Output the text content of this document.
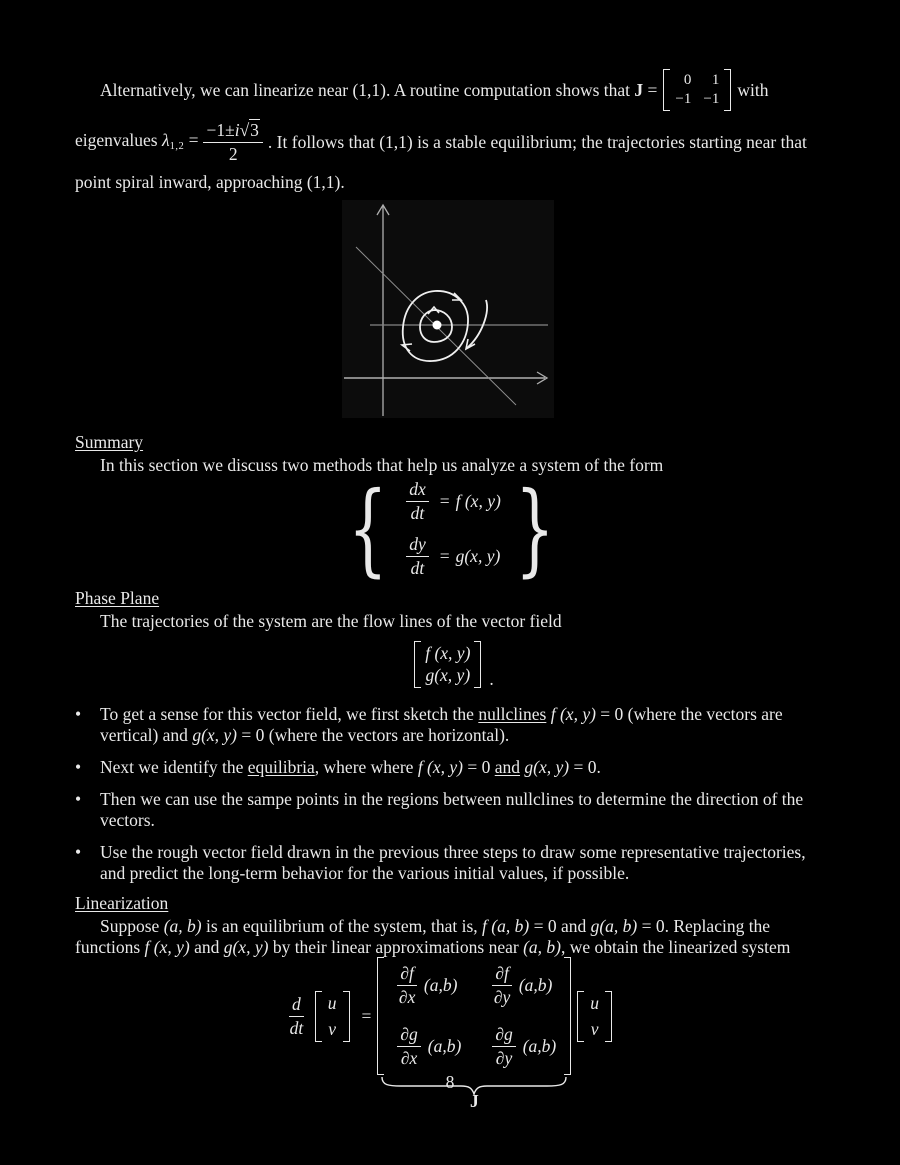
Alternatively, we can linearize near (1,1). A routine computation shows that J = 0 1
−1 −1 with
eigenvalues $\lambda 1,2 = \frac{-1\pm i√3}{2}$ . It follows that (1,1) is a stable equilibrium; the trajectories starting near that
point spiral inward, approaching (1,1).
Summary
In this section we discuss two methods that help us analyze a system of the form
{ $\frac{dx}{dt} = f$ (x, y)
$\frac{dy}{dt} = g(x$, y) }
Phase Plane
The trajectories of the system are the flow lines of the vector field
f (x, y)
g(x, y) .
•	To get a sense for this vector field, we first sketch the nullclines f (x, y) = 0 (where the vectors are vertical) and g(x, y) = 0 (where the vectors are horizontal).
•	Next we identify the equilibria, where where f (x, y) = 0 and g(x, y) = 0.
•	Then we can use the sampe points in the regions between nullclines to determine the direction of the vectors.
•	Use the rough vector field drawn in the previous three steps to draw some representative trajectories, and predict the long-term behavior for the various initial values, if possible.
Linearization
Suppose (a, b) is an equilibrium of the system, that is, f (a, b) = 0 and g(a, b) = 0. Replacing the functions f (x, y) and g(x, y) by their linear approximations near (a, b), we obtain the linearized system
$\frac{d}{dt}$ u
v
=
$\frac{\partial f}{\partial x} (a,b) \frac{\partial f}{\partial y} (a,b)$
$\frac{\partial g}{\partial x} (a,b) \frac{\partial g}{\partial y} (a,b)$
J
u
v
8
